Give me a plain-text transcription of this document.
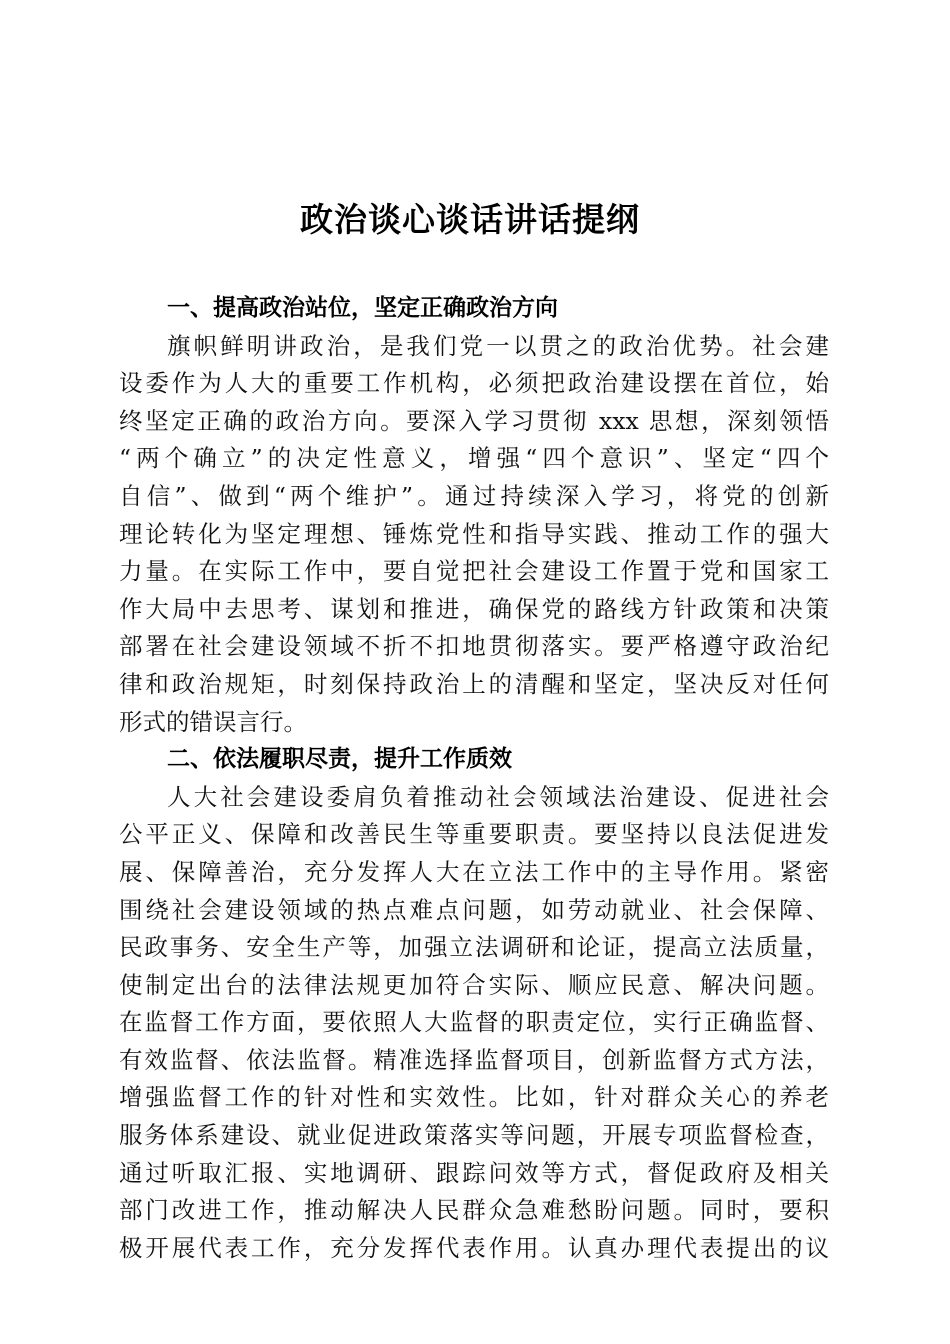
政治谈心谈话讲话提纲
一、提高政治站位，坚定正确政治方向
旗帜鲜明讲政治，是我们党一以贯之的政治优势。社会建
设委作为人大的重要工作机构，必须把政治建设摆在首位，始
终坚定正确的政治方向。要深入学习贯彻 xxx 思想，深刻领悟
“两个确立”的决定性意义，增强“四个意识”、坚定“四个
自信”、做到“两个维护”。通过持续深入学习，将党的创新
理论转化为坚定理想、锤炼党性和指导实践、推动工作的强大
力量。在实际工作中，要自觉把社会建设工作置于党和国家工
作大局中去思考、谋划和推进，确保党的路线方针政策和决策
部署在社会建设领域不折不扣地贯彻落实。要严格遵守政治纪
律和政治规矩，时刻保持政治上的清醒和坚定，坚决反对任何
形式的错误言行。
二、依法履职尽责，提升工作质效
人大社会建设委肩负着推动社会领域法治建设、促进社会
公平正义、保障和改善民生等重要职责。要坚持以良法促进发
展、保障善治，充分发挥人大在立法工作中的主导作用。紧密
围绕社会建设领域的热点难点问题，如劳动就业、社会保障、
民政事务、安全生产等，加强立法调研和论证，提高立法质量，
使制定出台的法律法规更加符合实际、顺应民意、解决问题。
在监督工作方面，要依照人大监督的职责定位，实行正确监督、
有效监督、依法监督。精准选择监督项目，创新监督方式方法，
增强监督工作的针对性和实效性。比如，针对群众关心的养老
服务体系建设、就业促进政策落实等问题，开展专项监督检查，
通过听取汇报、实地调研、跟踪问效等方式，督促政府及相关
部门改进工作，推动解决人民群众急难愁盼问题。同时，要积
极开展代表工作，充分发挥代表作用。认真办理代表提出的议
